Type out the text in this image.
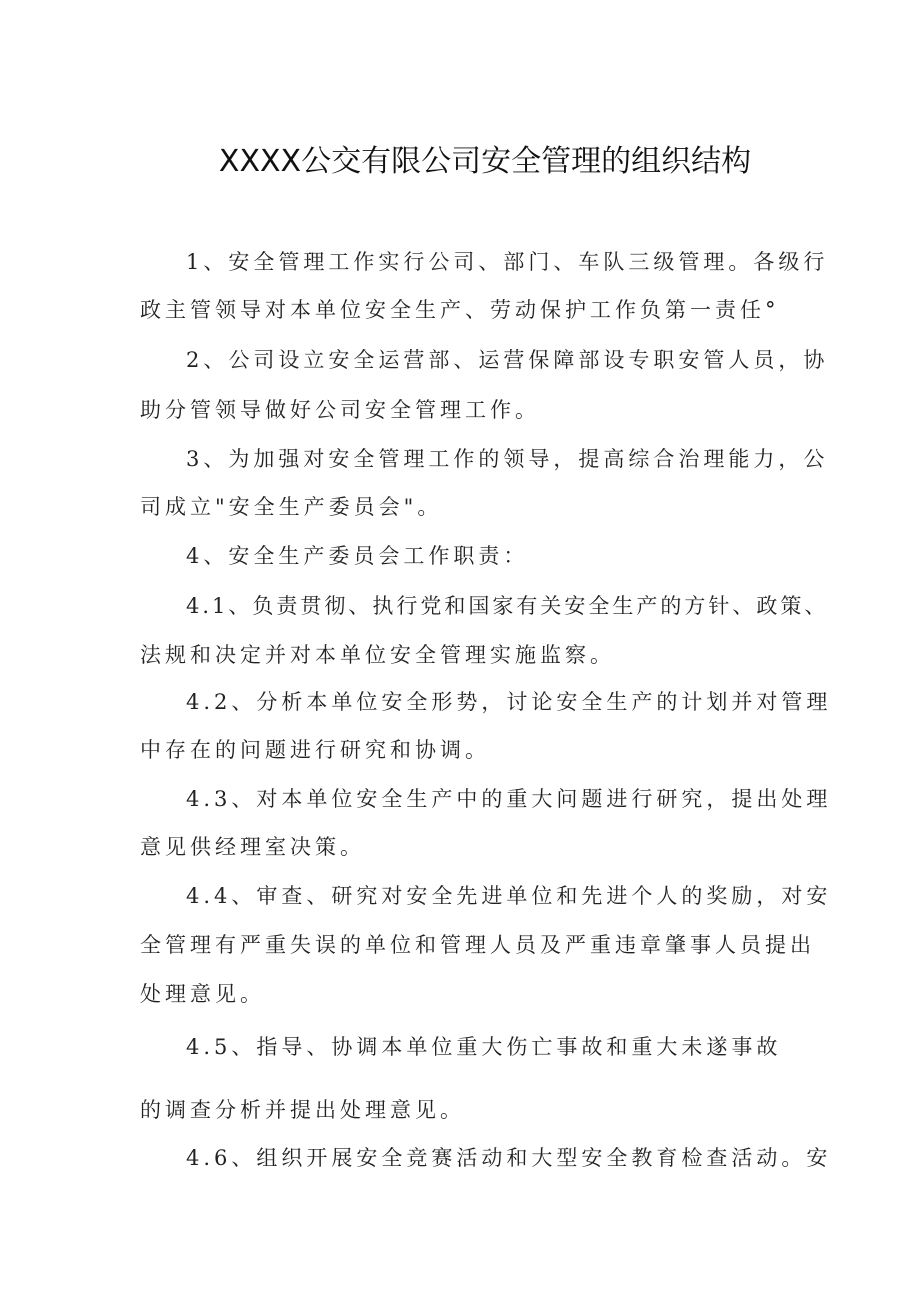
XXXX公交有限公司安全管理的组织结构
1、安全管理工作实行公司、部门、车队三级管理。各级行
政主管领导对本单位安全生产、劳动保护工作负第一责任°
2、公司设立安全运营部、运营保障部设专职安管人员，协
助分管领导做好公司安全管理工作。
3、为加强对安全管理工作的领导，提高综合治理能力，公
司成立"安全生产委员会"。
4、安全生产委员会工作职责：
4.1、负责贯彻、执行党和国家有关安全生产的方针、政策、
法规和决定并对本单位安全管理实施监察。
4.2、分析本单位安全形势，讨论安全生产的计划并对管理
中存在的问题进行研究和协调。
4.3、对本单位安全生产中的重大问题进行研究，提出处理
意见供经理室决策。
4.4、审查、研究对安全先进单位和先进个人的奖励，对安
全管理有严重失误的单位和管理人员及严重违章肇事人员提出
处理意见。
4.5、指导、协调本单位重大伤亡事故和重大未遂事故
的调查分析并提出处理意见。
4.6、组织开展安全竞赛活动和大型安全教育检查活动。安
